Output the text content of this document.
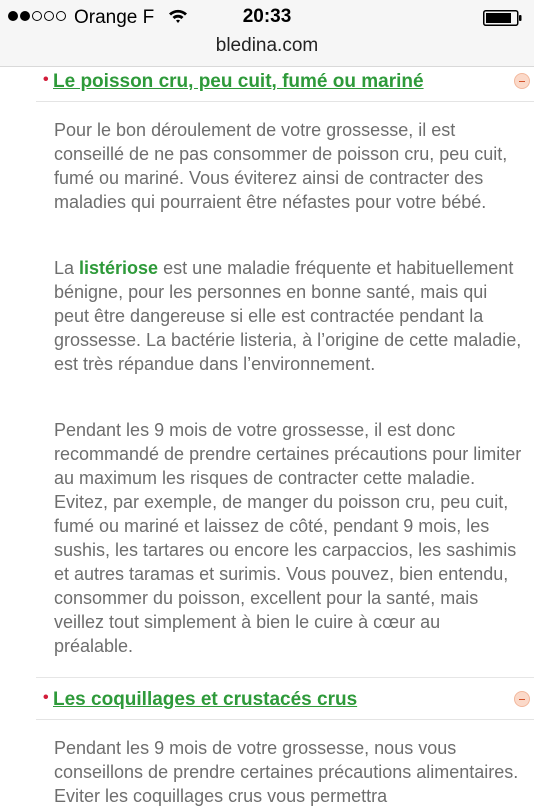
Orange F	20:33
bledina.com
• Le poisson cru, peu cuit, fumé ou mariné

Pour le bon déroulement de votre grossesse, il est conseillé de ne pas consommer de poisson cru, peu cuit, fumé ou mariné. Vous éviterez ainsi de contracter des maladies qui pourraient être néfastes pour votre bébé.

La listériose est une maladie fréquente et habituellement bénigne, pour les personnes en bonne santé, mais qui peut être dangereuse si elle est contractée pendant la grossesse. La bactérie listeria, à l’origine de cette maladie, est très répandue dans l’environnement.

Pendant les 9 mois de votre grossesse, il est donc recommandé de prendre certaines précautions pour limiter au maximum les risques de contracter cette maladie. Evitez, par exemple, de manger du poisson cru, peu cuit, fumé ou mariné et laissez de côté, pendant 9 mois, les sushis, les tartares ou encore les carpaccios, les sashimis et autres taramas et surimis. Vous pouvez, bien entendu, consommer du poisson, excellent pour la santé, mais veillez tout simplement à bien le cuire à cœur au préalable.

• Les coquillages et crustacés crus

Pendant les 9 mois de votre grossesse, nous vous conseillons de prendre certaines précautions alimentaires. Eviter les coquillages crus vous permettra
